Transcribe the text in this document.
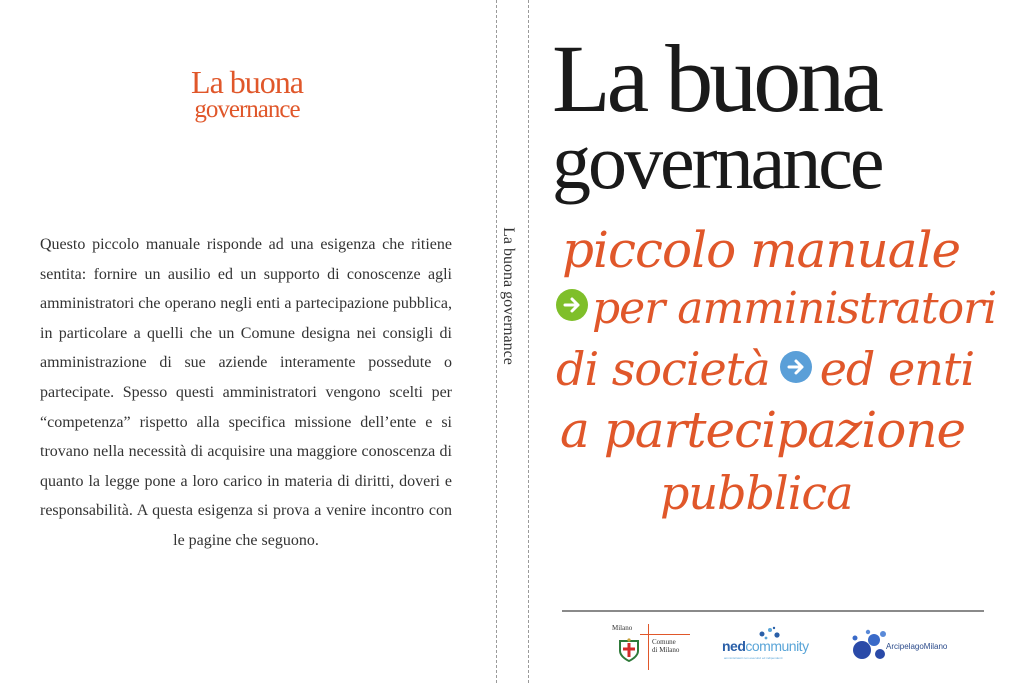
La buona
governance
Questo piccolo manuale risponde ad una esigenza che ritiene sentita: fornire un ausilio ed un supporto di conoscenze agli amministratori che operano negli enti a partecipazione pubblica, in particolare a quelli che un Comune designa nei consigli di amministrazione di sue aziende interamente possedute o partecipate. Spesso questi amministratori vengono scelti per “competenza” rispetto alla specifica missione dell’ente e si trovano nella necessità di acquisire una maggiore conoscenza di quanto la legge pone a loro carico in materia di diritti, doveri e responsabilità. A questa esigenza si prova a venire incontro con le pagine che seguono.
La buona governance
La buona
governance
piccolo manuale
per amministratori
di società ed enti
a partecipazione
pubblica
Milano
Comune
di Milano	nedcommunity
amministratori non esecutivi ed indipendenti
ArcipelagoMilano
